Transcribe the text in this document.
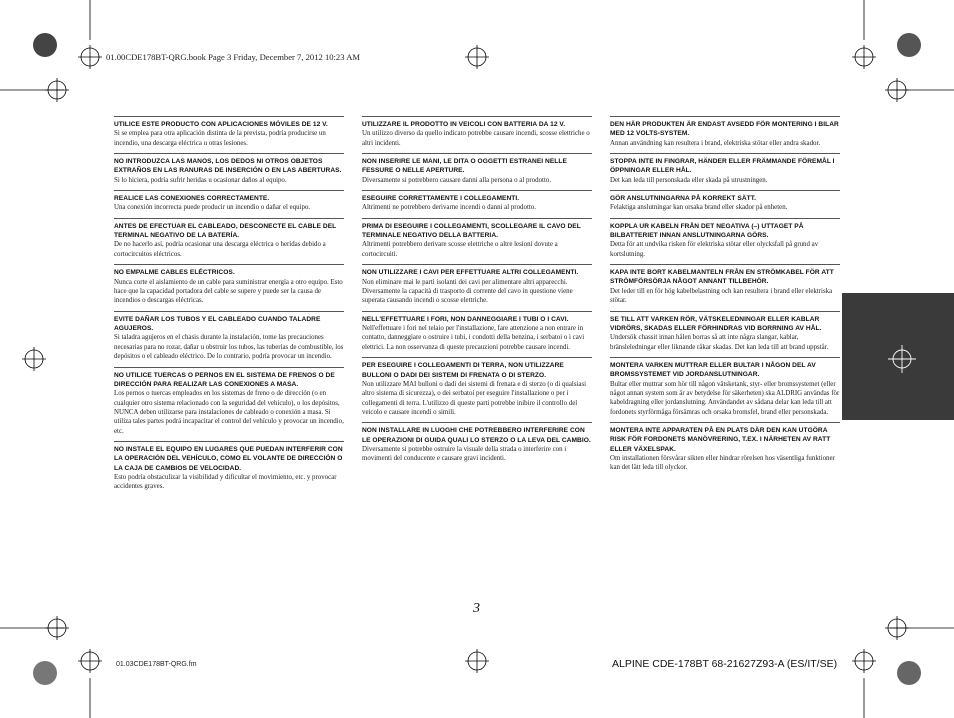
01.00CDE178BT-QRG.book Page 3 Friday, December 7, 2012 10:23 AM

UTILICE ESTE PRODUCTO CON APLICACIONES MÓVILES DE 12 V.

Si se emplea para otra aplicación distinta de la prevista, podría producirse un incendio, una descarga eléctrica u otras lesiones.

NO INTRODUZCA LAS MANOS, LOS DEDOS NI OTROS OBJETOS EXTRAÑOS EN LAS RANURAS DE INSERCIÓN O EN LAS ABERTURAS.

Si lo hiciera, podría sufrir heridas u ocasionar daños al equipo.

REALICE LAS CONEXIONES CORRECTAMENTE.

Una conexión incorrecta puede producir un incendio o dañar el equipo.

ANTES DE EFECTUAR EL CABLEADO, DESCONECTE EL CABLE DEL TERMINAL NEGATIVO DE LA BATERÍA.

De no hacerlo así, podría ocasionar una descarga eléctrica o heridas debido a cortocircuitos eléctricos.

NO EMPALME CABLES ELÉCTRICOS.

Nunca corte el aislamiento de un cable para suministrar energía a otro equipo. Esto hace que la capacidad portadora del cable se supere y puede ser la causa de incendios o descargas eléctricas.

EVITE DAÑAR LOS TUBOS Y EL CABLEADO CUANDO TALADRE AGUJEROS.

Si taladra agujeros en el chasis durante la instalación, tome las precauciones necesarias para no rozar, dañar u obstruir los tubos, las tuberías de combustible, los depósitos o el cableado eléctrico. De lo contrario, podría provocar un incendio.

NO UTILICE TUERCAS O PERNOS EN EL SISTEMA DE FRENOS O DE DIRECCIÓN PARA REALIZAR LAS CONEXIONES A MASA.

Los pernos o tuercas empleados en los sistemas de freno o de dirección (o en cualquier otro sistema relacionado con la seguridad del vehículo), o los depósitos, NUNCA deben utilizarse para instalaciones de cableado o conexión a masa. Si utiliza tales partes podrá incapacitar el control del vehículo y provocar un incendio, etc.

NO INSTALE EL EQUIPO EN LUGARES QUE PUEDAN INTERFERIR CON LA OPERACIÓN DEL VEHÍCULO, COMO EL VOLANTE DE DIRECCIÓN O LA CAJA DE CAMBIOS DE VELOCIDAD.

Esto podría obstaculizar la visibilidad y dificultar el movimiento, etc. y provocar accidentes graves.

UTILIZZARE IL PRODOTTO IN VEICOLI CON BATTERIA DA 12 V.

Un utilizzo diverso da quello indicato potrebbe causare incendi, scosse elettriche o altri incidenti.

NON INSERIRE LE MANI, LE DITA O OGGETTI ESTRANEI NELLE FESSURE O NELLE APERTURE.

Diversamente si potrebbero causare danni alla persona o al prodotto.

ESEGUIRE CORRETTAMENTE I COLLEGAMENTI.

Altrimenti ne potrebbero derivarne incendi o danni al prodotto.

PRIMA DI ESEGUIRE I COLLEGAMENTI, SCOLLEGARE IL CAVO DEL TERMINALE NEGATIVO DELLA BATTERIA.

Altrimenti potrebbero derivare scosse elettriche o altre lesioni dovute a cortocircuiti.

NON UTILIZZARE I CAVI PER EFFETTUARE ALTRI COLLEGAMENTI.

Non eliminare mai le parti isolanti dei cavi per alimentare altri apparecchi. Diversamente la capacità di trasporto di corrente del cavo in questione viene superata causando incendi o scosse elettriche.

NELL'EFFETTUARE I FORI, NON DANNEGGIARE I TUBI O I CAVI.

Nell'effettuare i fori nel telaio per l'installazione, fare attenzione a non entrare in contatto, danneggiare o ostruire i tubi, i condotti della benzina, i serbatoi o i cavi elettrici. La non osservanza di queste precauzioni potrebbe causare incendi.

PER ESEGUIRE I COLLEGAMENTI DI TERRA, NON UTILIZZARE BULLONI O DADI DEI SISTEMI DI FRENATA O DI STERZO.

Non utilizzare MAI bulloni o dadi dei sistemi di frenata e di sterzo (o di qualsiasi altro sistema di sicurezza), o dei serbatoi per eseguire l'installazione o per i collegamenti di terra. L'utilizzo di queste parti potrebbe inibire il controllo del veicolo e causare incendi o simili.

NON INSTALLARE IN LUOGHI CHE POTREBBERO INTERFERIRE CON LE OPERAZIONI DI GUIDA QUALI LO STERZO O LA LEVA DEL CAMBIO.

Diversamente si potrebbe ostruire la visuale della strada o interferire con i movimenti del conducente e causare gravi incidenti.

DEN HÄR PRODUKTEN ÄR ENDAST AVSEDD FÖR MONTERING I BILAR MED 12 VOLTS-SYSTEM.

Annan användning kan resultera i brand, elektriska stötar eller andra skador.

STOPPA INTE IN FINGRAR, HÄNDER ELLER FRÄMMANDE FÖREMÅL I ÖPPNINGAR ELLER HÅL.

Det kan leda till personskada eller skada på utrustningen.

GÖR ANSLUTNINGARNA PÅ KORREKT SÄTT.

Felaktiga anslutningar kan orsaka brand eller skador på enheten.

KOPPLA UR KABELN FRÅN DET NEGATIVA (–) UTTAGET PÅ BILBATTERIET INNAN ANSLUTNINGARNA GÖRS.

Detta för att undvika risken för elektriska stötar eller olycksfall på grund av kortslutning.

KAPA INTE BORT KABELMANTELN FRÅN EN STRÖMKABEL FÖR ATT STRÖMFÖRSÖRJA NÅGOT ANNANT TILLBEHÖR.

Det leder till en för hög kabelbelastning och kan resultera i brand eller elektriska stötar.

SE TILL ATT VARKEN RÖR, VÄTSKELEDNINGAR ELLER KABLAR VIDRÖRS, SKADAS ELLER FÖRHINDRAS VID BORRNING AV HÅL.

Undersök chassit innan hålen borras så att inte några slangar, kablar, bränsleledningar eller liknande råkar skadas. Det kan leda till att brand uppstår.

MONTERA VARKEN MUTTRAR ELLER BULTAR I NÅGON DEL AV BROMSSYSTEMET VID JORDANSLUTNINGAR.

Bultar eller muttrar som hör till någon vätsketank, styr- eller bromssystemet (eller något annan system som är av betydelse för säkerheten) ska ALDRIG användas för kabeldragning eller jordanslutning. Användandet av sådana delar kan leda till att fordonets styrförmåga försämras och orsaka bromsfel, brand eller personskada.

MONTERA INTE APPARATEN PÅ EN PLATS DÄR DEN KAN UTGÖRA RISK FÖR FORDONETS MANÖVRERING, T.EX. I NÄRHETEN AV RATT ELLER VÄXELSPAK.

Om installationen försvårar sikten eller hindrar rörelsen hos väsentliga funktioner kan det lätt leda till olyckor.

3
01.03CDE178BT-QRG.fm	ALPINE CDE-178BT 68-21627Z93-A (ES/IT/SE)
